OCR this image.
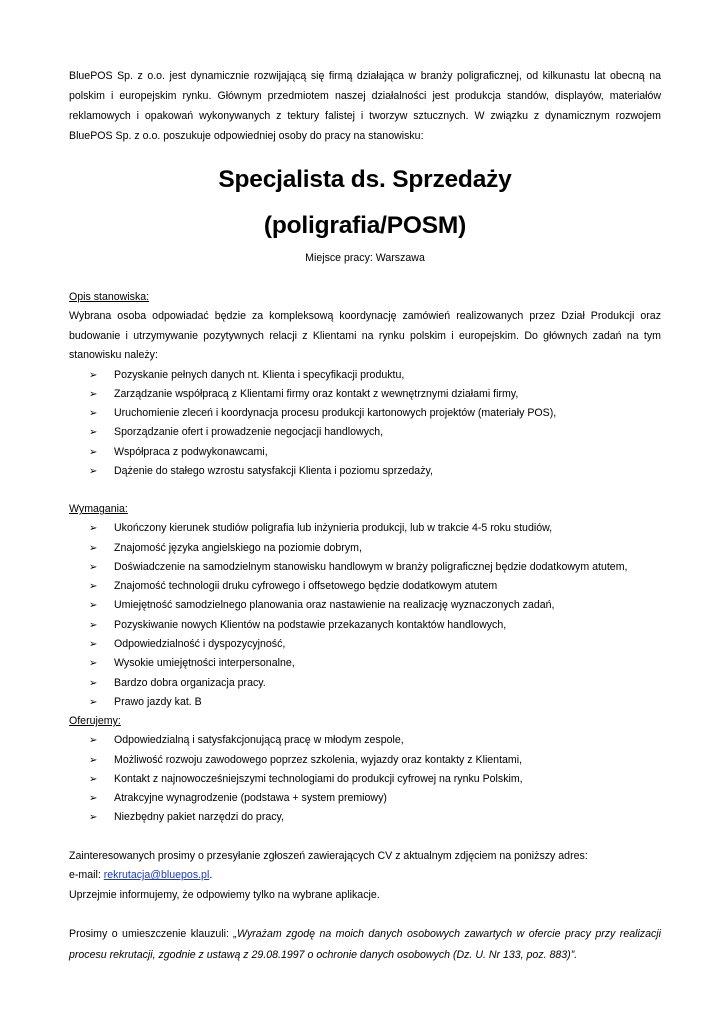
BluePOS Sp. z o.o. jest dynamicznie rozwijającą się firmą działająca w branży poligraficznej, od kilkunastu lat obecną na polskim i europejskim rynku. Głównym przedmiotem naszej działalności jest produkcja standów, displayów, materiałów reklamowych i opakowań wykonywanych z tektury falistej i tworzyw sztucznych. W związku z dynamicznym rozwojem BluePOS Sp. z o.o. poszukuje odpowiedniej osoby do pracy na stanowisku:

Specjalista ds. Sprzedaży
(poligrafia/POSM)

Miejsce pracy: Warszawa

Opis stanowiska:

Wybrana osoba odpowiadać będzie za kompleksową koordynację zamówień realizowanych przez Dział Produkcji oraz budowanie i utrzymywanie pozytywnych relacji z Klientami na rynku polskim i europejskim. Do głównych zadań na tym stanowisku należy:

➢ Pozyskanie pełnych danych nt. Klienta i specyfikacji produktu,
➢ Zarządzanie współpracą z Klientami firmy oraz kontakt z wewnętrznymi działami firmy,
➢ Uruchomienie zleceń i koordynacja procesu produkcji kartonowych projektów (materiały POS),
➢ Sporządzanie ofert i prowadzenie negocjacji handlowych,
➢ Współpraca z podwykonawcami,
➢ Dążenie do stałego wzrostu satysfakcji Klienta i poziomu sprzedaży,

Wymagania:

➢ Ukończony kierunek studiów poligrafia lub inżynieria produkcji, lub w trakcie 4-5 roku studiów,
➢ Znajomość języka angielskiego na poziomie dobrym,
➢ Doświadczenie na samodzielnym stanowisku handlowym w branży poligraficznej będzie dodatkowym atutem,
➢ Znajomość technologii druku cyfrowego i offsetowego będzie dodatkowym atutem
➢ Umiejętność samodzielnego planowania oraz nastawienie na realizację wyznaczonych zadań,
➢ Pozyskiwanie nowych Klientów na podstawie przekazanych kontaktów handlowych,
➢ Odpowiedzialność i dyspozycyjność,
➢ Wysokie umiejętności interpersonalne,
➢ Bardzo dobra organizacja pracy.
➢ Prawo jazdy kat. B

Oferujemy:

➢ Odpowiedzialną i satysfakcjonującą pracę w młodym zespole,
➢ Możliwość rozwoju zawodowego poprzez szkolenia, wyjazdy oraz kontakty z Klientami,
➢ Kontakt z najnowocześniejszymi technologiami do produkcji cyfrowej na rynku Polskim,
➢ Atrakcyjne wynagrodzenie (podstawa + system premiowy)
➢ Niezbędny pakiet narzędzi do pracy,

Zainteresowanych prosimy o przesyłanie zgłoszeń zawierających CV z aktualnym zdjęciem na poniższy adres:

e-mail: rekrutacja@bluepos.pl.

Uprzejmie informujemy, że odpowiemy tylko na wybrane aplikacje.

Prosimy o umieszczenie klauzuli: „Wyrażam zgodę na moich danych osobowych zawartych w ofercie pracy przy realizacji procesu rekrutacji, zgodnie z ustawą z 29.08.1997 o ochronie danych osobowych (Dz. U. Nr 133, poz. 883)”.
